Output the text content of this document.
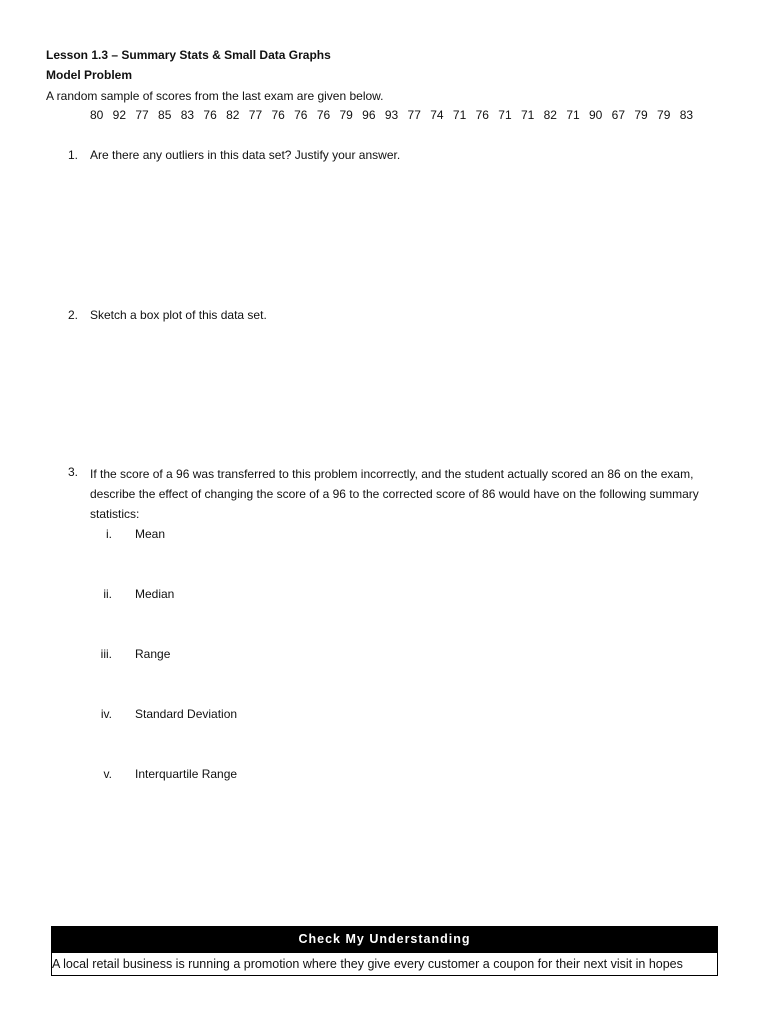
Lesson 1.3 – Summary Stats & Small Data Graphs
Model Problem
A random sample of scores from the last exam are given below.
80 92 77 85 83 76 82 77 76 76 76 79 96 93 77 74 71 76 71 71 82 71 90 67 79 79 83
1. Are there any outliers in this data set? Justify your answer.
2. Sketch a box plot of this data set.
3. If the score of a 96 was transferred to this problem incorrectly, and the student actually scored an 86 on the exam, describe the effect of changing the score of a 96 to the corrected score of 86 would have on the following summary statistics:
i. Mean
ii. Median
iii. Range
iv. Standard Deviation
v. Interquartile Range
Check My Understanding
A local retail business is running a promotion where they give every customer a coupon for their next visit in hopes
